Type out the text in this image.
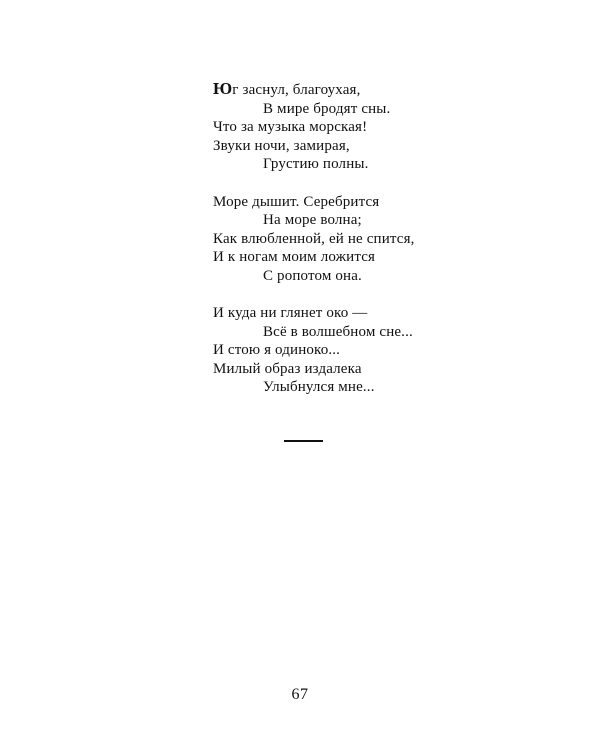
Юг заснул, благоухая,
В мире бродят сны.
Что за музыка морская!
Звуки ночи, замирая,
Грустию полны.
Море дышит. Серебрится
На море волна;
Как влюбленной, ей не спится,
И к ногам моим ложится
С ропотом она.
И куда ни глянет око —
Всё в волшебном сне...
И стою я одиноко...
Милый образ издалека
Улыбнулся мне...
67
